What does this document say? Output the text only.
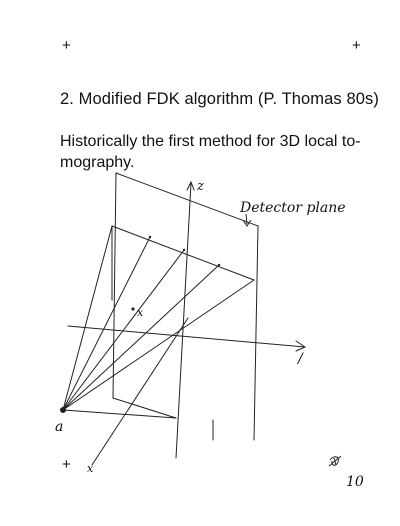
+	+
+
2. Modified FDK algorithm (P. Thomas 80s)
Historically the first method for 3D local to-
mography.
z
Detector plane
x
a
x
/
10
